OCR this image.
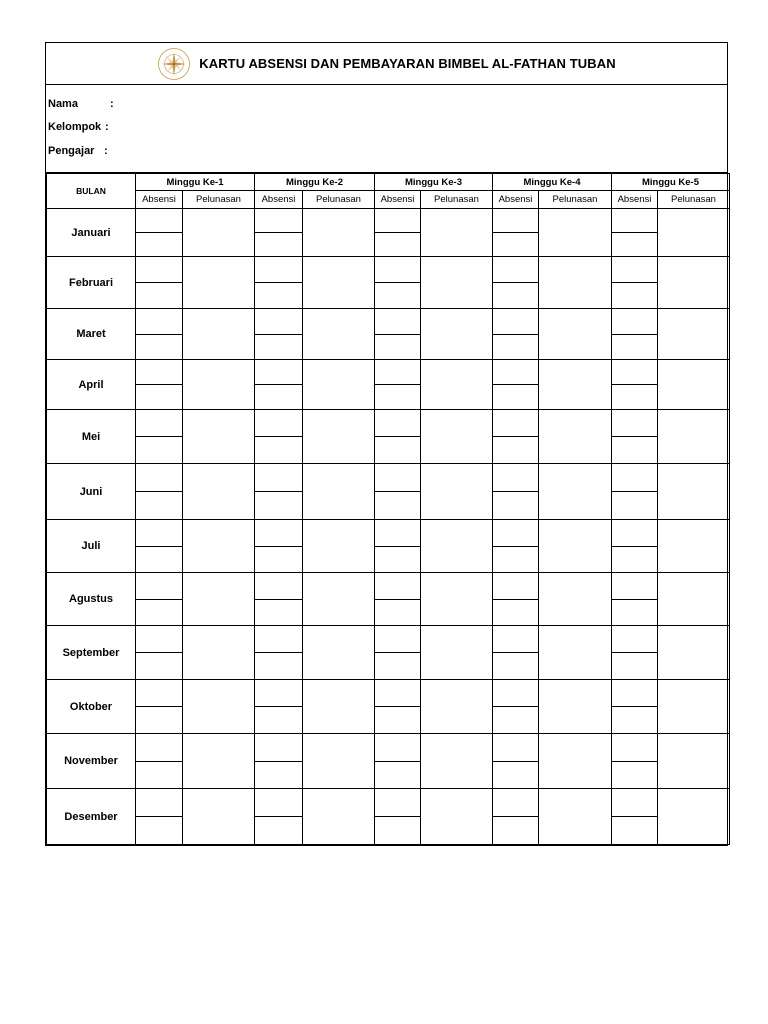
KARTU ABSENSI DAN PEMBAYARAN BIMBEL AL-FATHAN TUBAN
Nama	:
Kelompok :
Pengajar :
BULAN	Minggu Ke-1		Minggu Ke-2		Minggu Ke-3		Minggu Ke-4		Minggu Ke-5	
	Absensi	Pelunasan	Absensi	Pelunasan	Absensi	Pelunasan	Absensi	Pelunasan	Absensi	Pelunasan
Januari										

Februari										

Maret										

April										

Mei										

Juni										

Juli										

Agustus										

September										

Oktober										

November										

Desember										
